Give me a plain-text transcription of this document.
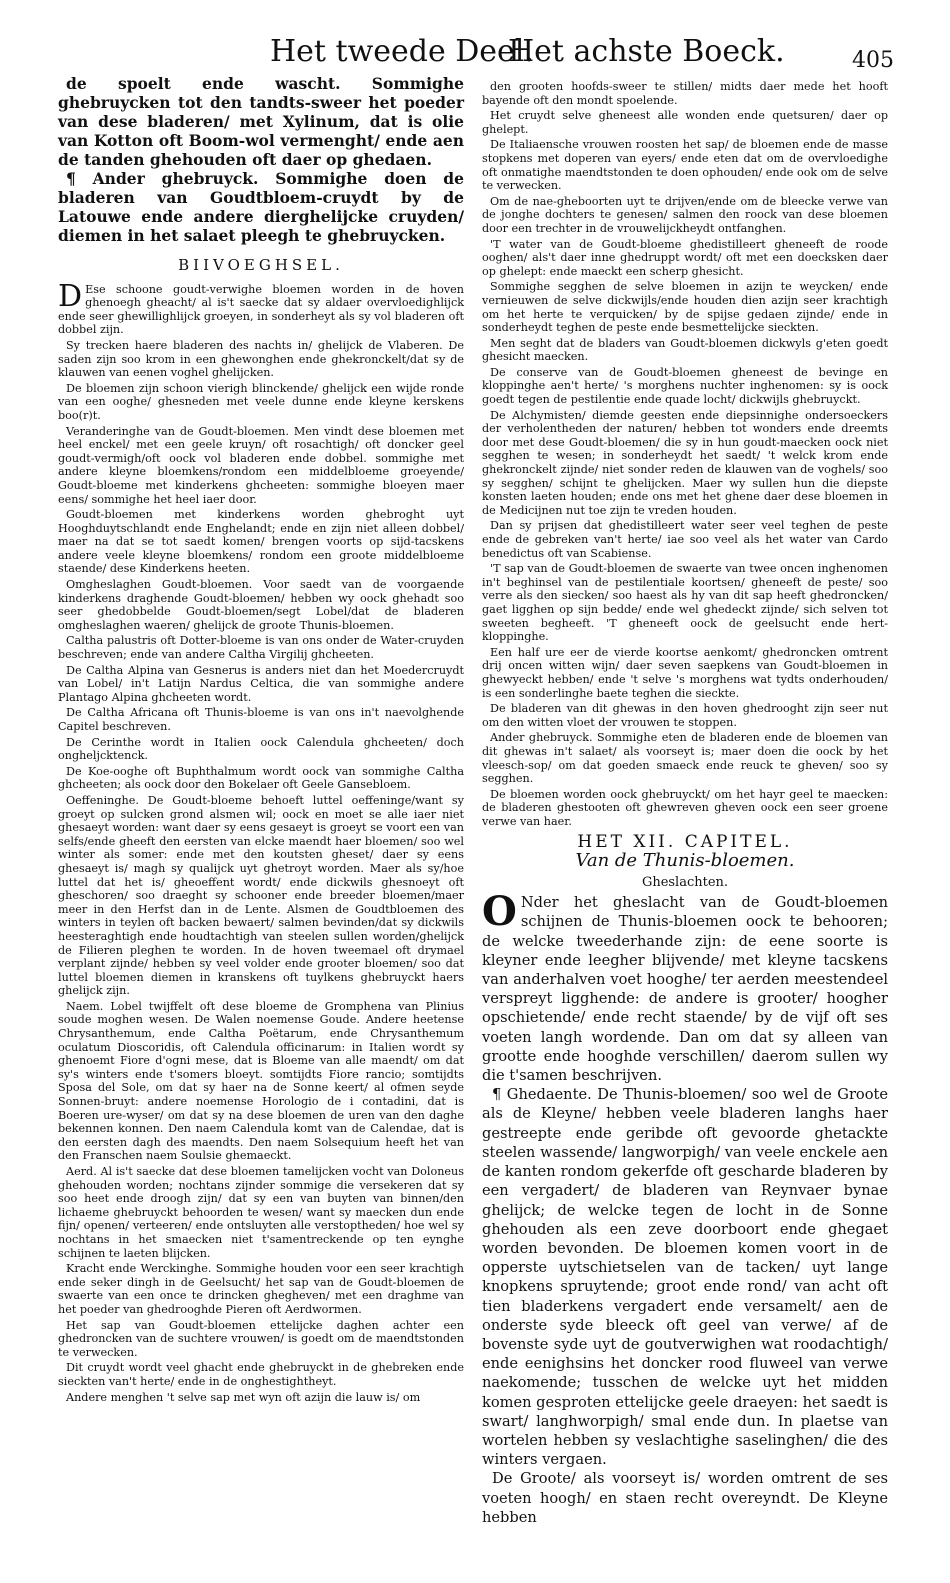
Het tweede Deel.
Het achste Boeck.	405

de spoelt ende wascht. Sommighe ghebruycken tot den tandts-sweer het poeder van dese bladeren/ met Xylinum, dat is olie van Kotton oft Boom-wol vermenght/ ende aen de tanden ghehouden oft daer op ghedaen.

¶ Ander ghebruyck. Sommighe doen de bladeren van Goudtbloem-cruydt by de Latouwe ende andere dierghelijcke cruyden/ diemen in het salaet pleegh te ghebruycken.

BIIVOEGHSEL.

D Ese schoone goudt-verwighe bloemen worden in de hoven ghenoegh gheacht/ al is't saecke dat sy aldaer overvloedighlijck ende seer ghewillighlijck groeyen, in sonderheyt als sy vol bladeren oft dobbel zijn.

Sy trecken haere bladeren des nachts in/ ghelijck de Vlaberen. De saden zijn soo krom in een ghewonghen ende ghekronckelt/dat sy de klauwen van eenen voghel ghelijcken.

De bloemen zijn schoon vierigh blinckende/ ghelijck een wijde ronde van een ooghe/ ghesneden met veele dunne ende kleyne kerskens boo(r)t.

Veranderinghe van de Goudt-bloemen. Men vindt dese bloemen met heel enckel/ met een geele kruyn/ oft rosachtigh/ oft doncker geel goudt-vermigh/oft oock vol bladeren ende dobbel. sommighe met andere kleyne bloemkens/rondom een middelbloeme groeyende/ Goudt-bloeme met kinderkens ghcheeten: sommighe bloeyen maer eens/ sommighe het heel iaer door.

Goudt-bloemen met kinderkens worden ghebroght uyt Hooghduytschlandt ende Enghelandt; ende en zijn niet alleen dobbel/ maer na dat se tot saedt komen/ brengen voorts op sijd-tacskens andere veele kleyne bloemkens/ rondom een groote middelbloeme staende/ dese Kinderkens heeten.

Omgheslaghen Goudt-bloemen. Voor saedt van de voorgaende kinderkens draghende Goudt-bloemen/ hebben wy oock ghehadt soo seer ghedobbelde Goudt-bloemen/segt Lobel/dat de bladeren omgheslaghen waeren/ ghelijck de groote Thunis-bloemen.

Caltha palustris oft Dotter-bloeme is van ons onder de Water-cruyden beschreven; ende van andere Caltha Virgilij ghcheeten.

De Caltha Alpina van Gesnerus is anders niet dan het Moedercruydt van Lobel/ in't Latijn Nardus Celtica, die van sommighe andere Plantago Alpina ghcheeten wordt.

De Caltha Africana oft Thunis-bloeme is van ons in't naevolghende Capitel beschreven.

De Cerinthe wordt in Italien oock Calendula ghcheeten/ doch ongheljcktenck.

De Koe-ooghe oft Buphthalmum wordt oock van sommighe Caltha ghcheeten; als oock door den Bokelaer oft Geele Gansebloem.

Oeffeninghe. De Goudt-bloeme behoeft luttel oeffeninge/want sy groeyt op sulcken grond alsmen wil; oock en moet se alle iaer niet ghesaeyt worden: want daer sy eens gesaeyt is groeyt se voort een van selfs/ende gheeft den eersten van elcke maendt haer bloemen/ soo wel winter als somer: ende met den koutsten gheset/ daer sy eens ghesaeyt is/ magh sy qualijck uyt ghetroyt worden. Maer als sy/hoe luttel dat het is/ gheoeffent wordt/ ende dickwils ghesnoeyt oft gheschoren/ soo draeght sy schooner ende breeder bloemen/maer meer in den Herfst dan in de Lente. Alsmen de Goudtbloemen des winters in teylen oft backen bewaert/ salmen bevinden/dat sy dickwils heesteraghtigh ende houdtachtigh van steelen sullen worden/ghelijck de Filieren pleghen te worden. In de hoven tweemael oft drymael verplant zijnde/ hebben sy veel volder ende grooter bloemen/ soo dat luttel bloemen diemen in kranskens oft tuylkens ghebruyckt haers ghelijck zijn.

Naem. Lobel twijffelt oft dese bloeme de Gromphena van Plinius soude moghen wesen. De Walen noemense Goude. Andere heetense Chrysanthemum, ende Caltha Poëtarum, ende Chrysanthemum oculatum Dioscoridis, oft Calendula officinarum: in Italien wordt sy ghenoemt Fiore d'ogni mese, dat is Bloeme van alle maendt/ om dat sy's winters ende t'somers bloeyt. somtijdts Fiore rancio; somtijdts Sposa del Sole, om dat sy haer na de Sonne keert/ al ofmen seyde Sonnen-bruyt: andere noemense Horologio de i contadini, dat is Boeren ure-wyser/ om dat sy na dese bloemen de uren van den daghe bekennen konnen. Den naem Calendula komt van de Calendae, dat is den eersten dagh des maendts. Den naem Solsequium heeft het van den Franschen naem Soulsie ghemaeckt.

Aerd. Al is't saecke dat dese bloemen tamelijcken vocht van Doloneus ghehouden worden; nochtans zijnder sommige die versekeren dat sy soo heet ende droogh zijn/ dat sy een van buyten van binnen/den lichaeme ghebruyckt behoorden te wesen/ want sy maecken dun ende fijn/ openen/ verteeren/ ende ontsluyten alle verstoptheden/ hoe wel sy nochtans in het smaecken niet t'samentreckende op ten eynghe schijnen te laeten blijcken.

Kracht ende Werckinghe. Sommighe houden voor een seer krachtigh ende seker dingh in de Geelsucht/ het sap van de Goudt-bloemen de swaerte van een once te drincken ghegheven/ met een draghme van het poeder van ghedrooghde Pieren oft Aerdwormen.

Het sap van Goudt-bloemen ettelijcke daghen achter een ghedroncken van de suchtere vrouwen/ is goedt om de maendtstonden te verwecken.

Dit cruydt wordt veel ghacht ende ghebruyckt in de ghebreken ende sieckten van't herte/ ende in de onghestightheyt.

Andere menghen 't selve sap met wyn oft azijn die lauw is/ om

den grooten hoofds-sweer te stillen/ midts daer mede het hooft bayende oft den mondt spoelende.

Het cruydt selve gheneest alle wonden ende quetsuren/ daer op ghelept.

De Italiaensche vrouwen roosten het sap/ de bloemen ende de masse stopkens met doperen van eyers/ ende eten dat om de overvloedighe oft onmatighe maendtstonden te doen ophouden/ ende ook om de selve te verwecken.

Om de nae-gheboorten uyt te drijven/ende om de bleecke verwe van de jonghe dochters te genesen/ salmen den roock van dese bloemen door een trechter in de vrouwelijckheydt ontfanghen.

'T water van de Goudt-bloeme ghedistilleert gheneeft de roode ooghen/ als't daer inne ghedruppt wordt/ oft met een doecksken daer op ghelept: ende maeckt een scherp ghesicht.

Sommighe segghen de selve bloemen in azijn te weycken/ ende vernieuwen de selve dickwijls/ende houden dien azijn seer krachtigh om het herte te verquicken/ by de spijse gedaen zijnde/ ende in sonderheydt teghen de peste ende besmettelijcke sieckten.

Men seght dat de bladers van Goudt-bloemen dickwyls g'eten goedt ghesicht maecken.

De conserve van de Goudt-bloemen gheneest de bevinge en kloppinghe aen't herte/ 's morghens nuchter inghenomen: sy is oock goedt tegen de pestilentie ende quade locht/ dickwijls ghebruyckt.

De Alchymisten/ diemde geesten ende diepsinnighe ondersoeckers der verholentheden der naturen/ hebben tot wonders ende dreemts door met dese Goudt-bloemen/ die sy in hun goudt-maecken oock niet segghen te wesen; in sonderheydt het saedt/ 't welck krom ende ghekronckelt zijnde/ niet sonder reden de klauwen van de voghels/ soo sy segghen/ schijnt te ghelijcken. Maer wy sullen hun die diepste konsten laeten houden; ende ons met het ghene daer dese bloemen in de Medicijnen nut toe zijn te vreden houden.

Dan sy prijsen dat ghedistilleert water seer veel teghen de peste ende de gebreken van't herte/ iae soo veel als het water van Cardo benedictus oft van Scabiense.

'T sap van de Goudt-bloemen de swaerte van twee oncen inghenomen in't beghinsel van de pestilentiale koortsen/ gheneeft de peste/ soo verre als den siecken/ soo haest als hy van dit sap heeft ghedroncken/ gaet ligghen op sijn bedde/ ende wel ghedeckt zijnde/ sich selven tot sweeten begheeft. 'T gheneeft oock de geelsucht ende hert-kloppinghe.

Een half ure eer de vierde koortse aenkomt/ ghedroncken omtrent drij oncen witten wijn/ daer seven saepkens van Goudt-bloemen in ghewyeckt hebben/ ende 't selve 's morghens wat tydts onderhouden/ is een sonderlinghe baete teghen die sieckte.

De bladeren van dit ghewas in den hoven ghedrooght zijn seer nut om den witten vloet der vrouwen te stoppen.

Ander ghebruyck. Sommighe eten de bladeren ende de bloemen van dit ghewas in't salaet/ als voorseyt is; maer doen die oock by het vleesch-sop/ om dat goeden smaeck ende reuck te gheven/ soo sy segghen.

De bloemen worden oock ghebruyckt/ om het hayr geel te maecken: de bladeren ghestooten oft ghewreven gheven oock een seer groene verwe van haer.

HET XII. CAPITEL.
Van de Thunis-bloemen.
Gheslachten.

O Nder het gheslacht van de Goudt-bloemen schijnen de Thunis-bloemen oock te behooren; de welcke tweederhande zijn: de eene soorte is kleyner ende leegher blijvende/ met kleyne tacskens van anderhalven voet hooghe/ ter aerden meestendeel verspreyt ligghende: de andere is grooter/ hoogher opschietende/ ende recht staende/ by de vijf oft ses voeten langh wordende. Dan om dat sy alleen van grootte ende hooghde verschillen/ daerom sullen wy die t'samen beschrijven.

¶ Ghedaente. De Thunis-bloemen/ soo wel de Groote als de Kleyne/ hebben veele bladeren langhs haer gestreepte ende geribde oft gevoorde ghetackte steelen wassende/ langworpigh/ van veele enckele aen de kanten rondom gekerfde oft gescharde bladeren by een vergadert/ de bladeren van Reynvaer bynae ghelijck; de welcke tegen de locht in de Sonne ghehouden als een zeve doorboort ende ghegaet worden bevonden. De bloemen komen voort in de opperste uytschietselen van de tacken/ uyt lange knopkens spruytende; groot ende rond/ van acht oft tien bladerkens vergadert ende versamelt/ aen de onderste syde bleeck oft geel van verwe/ af de bovenste syde uyt de goutverwighen wat roodachtigh/ ende eenighsins het doncker rood fluweel van verwe naekomende; tusschen de welcke uyt het midden komen gesproten ettelijcke geele draeyen: het saedt is swart/ langhworpigh/ smal ende dun. In plaetse van wortelen hebben sy veslachtighe saselinghen/ die des winters vergaen.

De Groote/ als voorseyt is/ worden omtrent de ses voeten hoogh/ en staen recht overeyndt. De Kleyne hebben
